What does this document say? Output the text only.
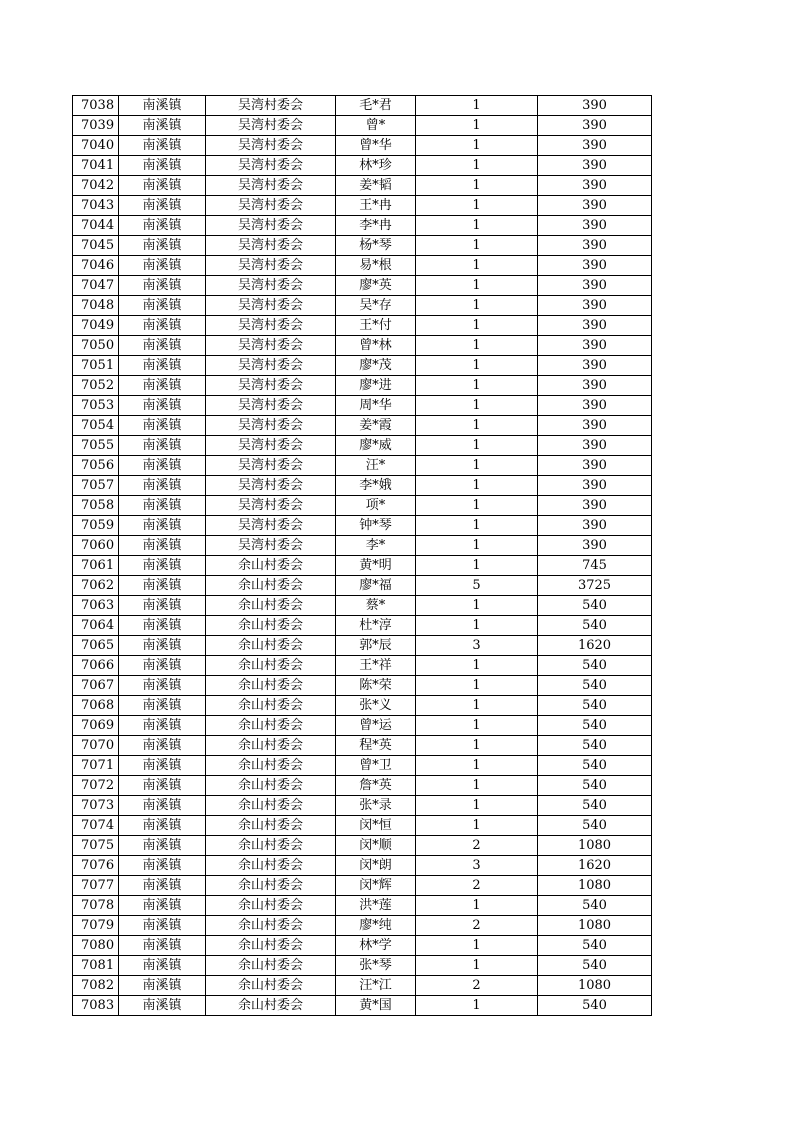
7038	南溪镇	吴湾村委会	毛*君	1	390
7039	南溪镇	吴湾村委会	曾*	1	390
7040	南溪镇	吴湾村委会	曾*华	1	390
7041	南溪镇	吴湾村委会	林*珍	1	390
7042	南溪镇	吴湾村委会	姜*韬	1	390
7043	南溪镇	吴湾村委会	王*冉	1	390
7044	南溪镇	吴湾村委会	李*冉	1	390
7045	南溪镇	吴湾村委会	杨*琴	1	390
7046	南溪镇	吴湾村委会	易*根	1	390
7047	南溪镇	吴湾村委会	廖*英	1	390
7048	南溪镇	吴湾村委会	吴*存	1	390
7049	南溪镇	吴湾村委会	王*付	1	390
7050	南溪镇	吴湾村委会	曾*林	1	390
7051	南溪镇	吴湾村委会	廖*茂	1	390
7052	南溪镇	吴湾村委会	廖*进	1	390
7053	南溪镇	吴湾村委会	周*华	1	390
7054	南溪镇	吴湾村委会	姜*霞	1	390
7055	南溪镇	吴湾村委会	廖*威	1	390
7056	南溪镇	吴湾村委会	汪*	1	390
7057	南溪镇	吴湾村委会	李*娥	1	390
7058	南溪镇	吴湾村委会	项*	1	390
7059	南溪镇	吴湾村委会	钟*琴	1	390
7060	南溪镇	吴湾村委会	李*	1	390
7061	南溪镇	余山村委会	黄*明	1	745
7062	南溪镇	余山村委会	廖*福	5	3725
7063	南溪镇	余山村委会	蔡*	1	540
7064	南溪镇	余山村委会	杜*淳	1	540
7065	南溪镇	余山村委会	郭*辰	3	1620
7066	南溪镇	余山村委会	王*祥	1	540
7067	南溪镇	余山村委会	陈*荣	1	540
7068	南溪镇	余山村委会	张*义	1	540
7069	南溪镇	余山村委会	曾*运	1	540
7070	南溪镇	余山村委会	程*英	1	540
7071	南溪镇	余山村委会	曾*卫	1	540
7072	南溪镇	余山村委会	詹*英	1	540
7073	南溪镇	余山村委会	张*录	1	540
7074	南溪镇	余山村委会	闵*恒	1	540
7075	南溪镇	余山村委会	闵*顺	2	1080
7076	南溪镇	余山村委会	闵*朗	3	1620
7077	南溪镇	余山村委会	闵*辉	2	1080
7078	南溪镇	余山村委会	洪*莲	1	540
7079	南溪镇	余山村委会	廖*纯	2	1080
7080	南溪镇	余山村委会	林*学	1	540
7081	南溪镇	余山村委会	张*琴	1	540
7082	南溪镇	余山村委会	汪*江	2	1080
7083	南溪镇	余山村委会	黄*国	1	540
